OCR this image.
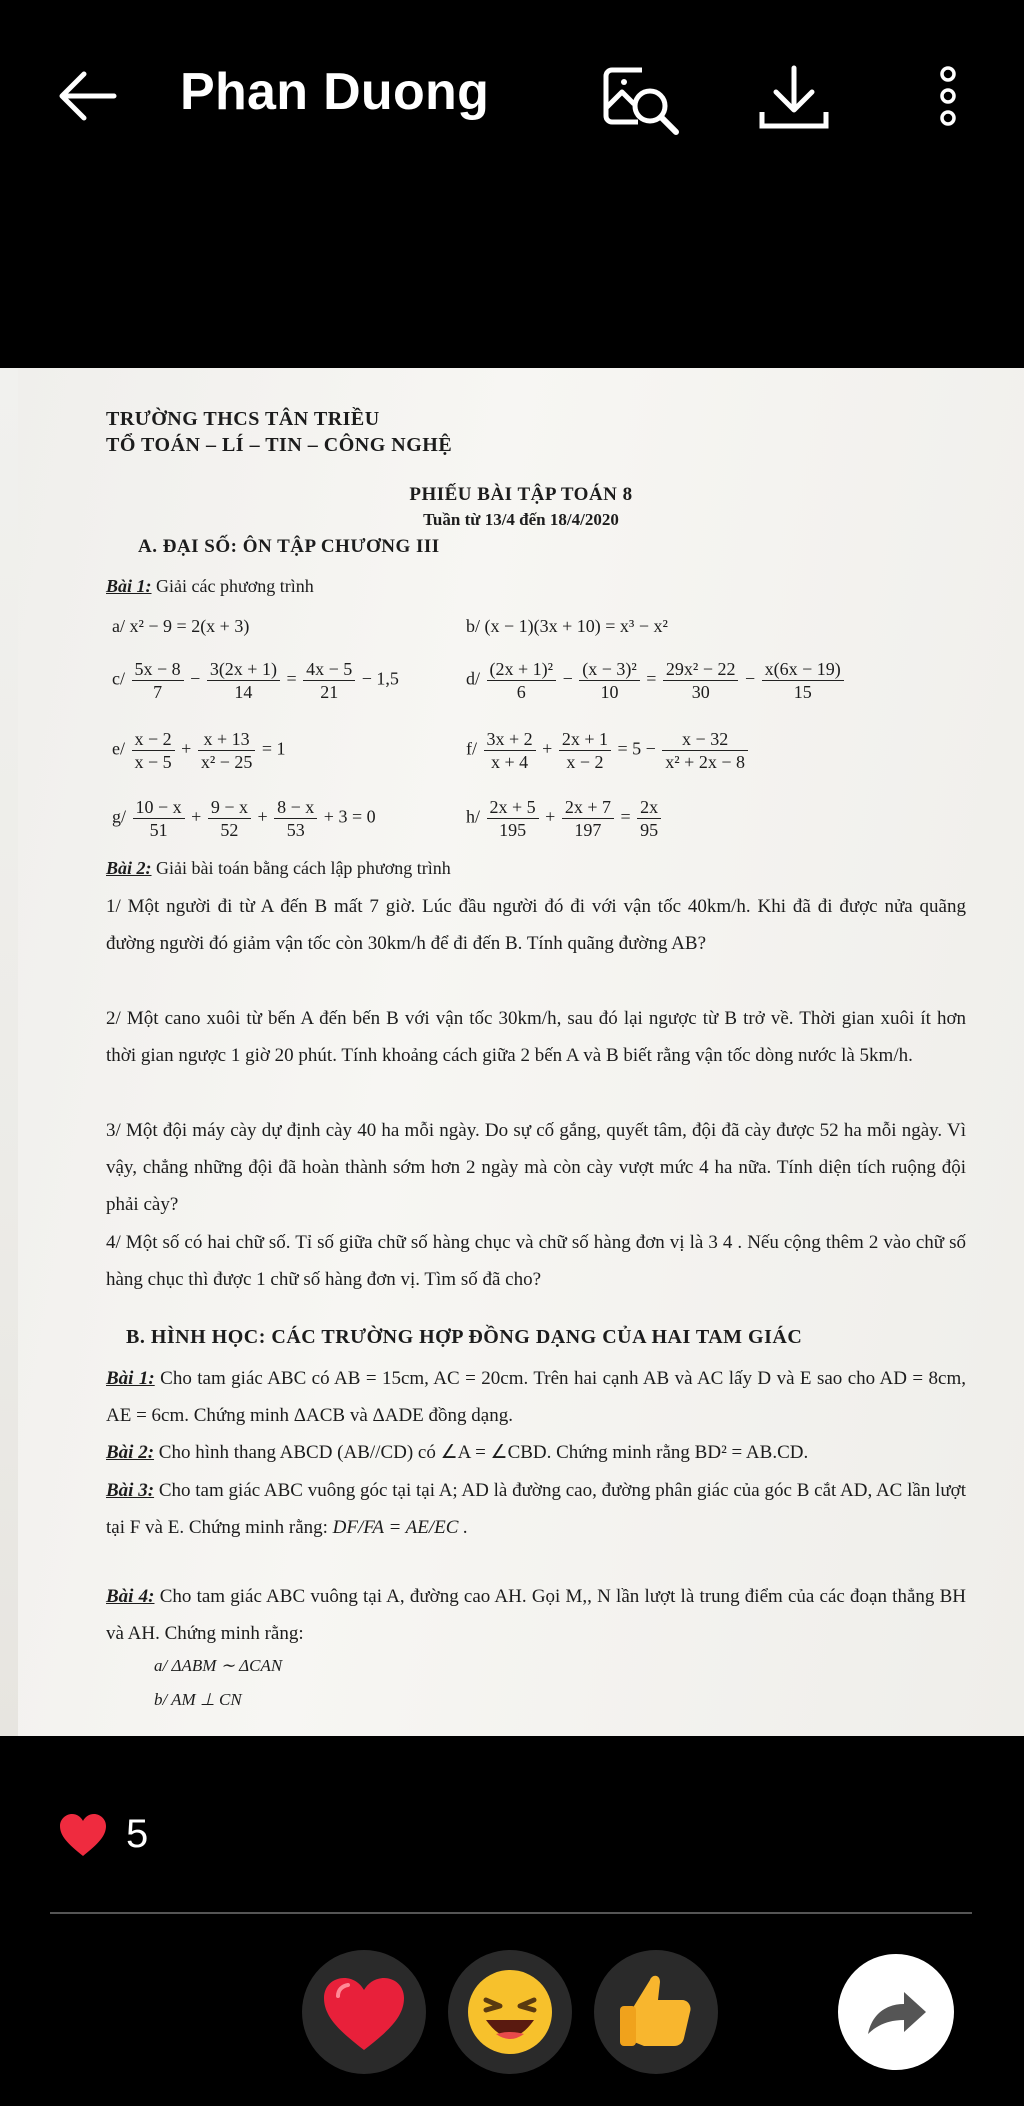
Phan Duong
TRƯỜNG THCS TÂN TRIỀU
TỔ TOÁN – LÍ – TIN – CÔNG NGHỆ
PHIẾU BÀI TẬP TOÁN 8
Tuần từ 13/4 đến 18/4/2020
A. ĐẠI SỐ: ÔN TẬP CHƯƠNG III
Bài 1: Giải các phương trình
a/ x² − 9 = 2(x + 3)	b/ (x − 1)(3x + 10) = x³ − x²
$c/ \frac{5x - 8}{7} - \frac{3(2x + 1)}{14} = \frac{4x - 5}{21} - 1,5$	$d/ \frac{\text{(2x + 1)²}}{6} - \frac{\text{(x − 3)²}}{10} = \frac{\text{29x² − 22}}{30} - \frac{x(6x - 19)}{15}$
$e/ \frac{x - 2}{x - 5} + \frac{x + 13}{\text{x² − 25}} = 1$	$f/ \frac{3x + 2}{x + 4} + \frac{2x + 1}{x - 2} = 5 - \frac{x - 32}{\text{x² + 2x − 8}}$
$g/ \frac{10 - x}{51} + \frac{9 - x}{52} + \frac{8 - x}{53} + 3 = 0$	$h/ \frac{2x + 5}{195} + \frac{2x + 7}{197} = \frac{2x}{95}$
Bài 2: Giải bài toán bằng cách lập phương trình
1/ Một người đi từ A đến B mất 7 giờ. Lúc đầu người đó đi với vận tốc 40km/h. Khi đã đi được nửa quãng đường người đó giảm vận tốc còn 30km/h để đi đến B. Tính quãng đường AB?
2/ Một cano xuôi từ bến A đến bến B với vận tốc 30km/h, sau đó lại ngược từ B trở về. Thời gian xuôi ít hơn thời gian ngược 1 giờ 20 phút. Tính khoảng cách giữa 2 bến A và B biết rằng vận tốc dòng nước là 5km/h.
3/ Một đội máy cày dự định cày 40 ha mỗi ngày. Do sự cố gắng, quyết tâm, đội đã cày được 52 ha mỗi ngày. Vì vậy, chẳng những đội đã hoàn thành sớm hơn 2 ngày mà còn cày vượt mức 4 ha nữa. Tính diện tích ruộng đội phải cày?
4/ Một số có hai chữ số. Tỉ số giữa chữ số hàng chục và chữ số hàng đơn vị là 3 4 . Nếu cộng thêm 2 vào chữ số hàng chục thì được 1 chữ số hàng đơn vị. Tìm số đã cho?
B. HÌNH HỌC: CÁC TRƯỜNG HỢP ĐỒNG DẠNG CỦA HAI TAM GIÁC
Bài 1: Cho tam giác ABC có AB = 15cm, AC = 20cm. Trên hai cạnh AB và AC lấy D và E sao cho AD = 8cm, AE = 6cm. Chứng minh ΔACB và ΔADE đồng dạng.
Bài 2: Cho hình thang ABCD (AB//CD) có ∠A = ∠CBD. Chứng minh rằng BD² = AB.CD.
Bài 3: Cho tam giác ABC vuông góc tại tại A; AD là đường cao, đường phân giác của góc B cắt AD, AC lần lượt tại F và E. Chứng minh rằng: DF/FA = AE/EC .
Bài 4: Cho tam giác ABC vuông tại A, đường cao AH. Gọi M,, N lần lượt là trung điểm của các đoạn thẳng BH và AH. Chứng minh rằng:
a/ ΔABM ∼ ΔCAN
b/ AM ⊥ CN
5
